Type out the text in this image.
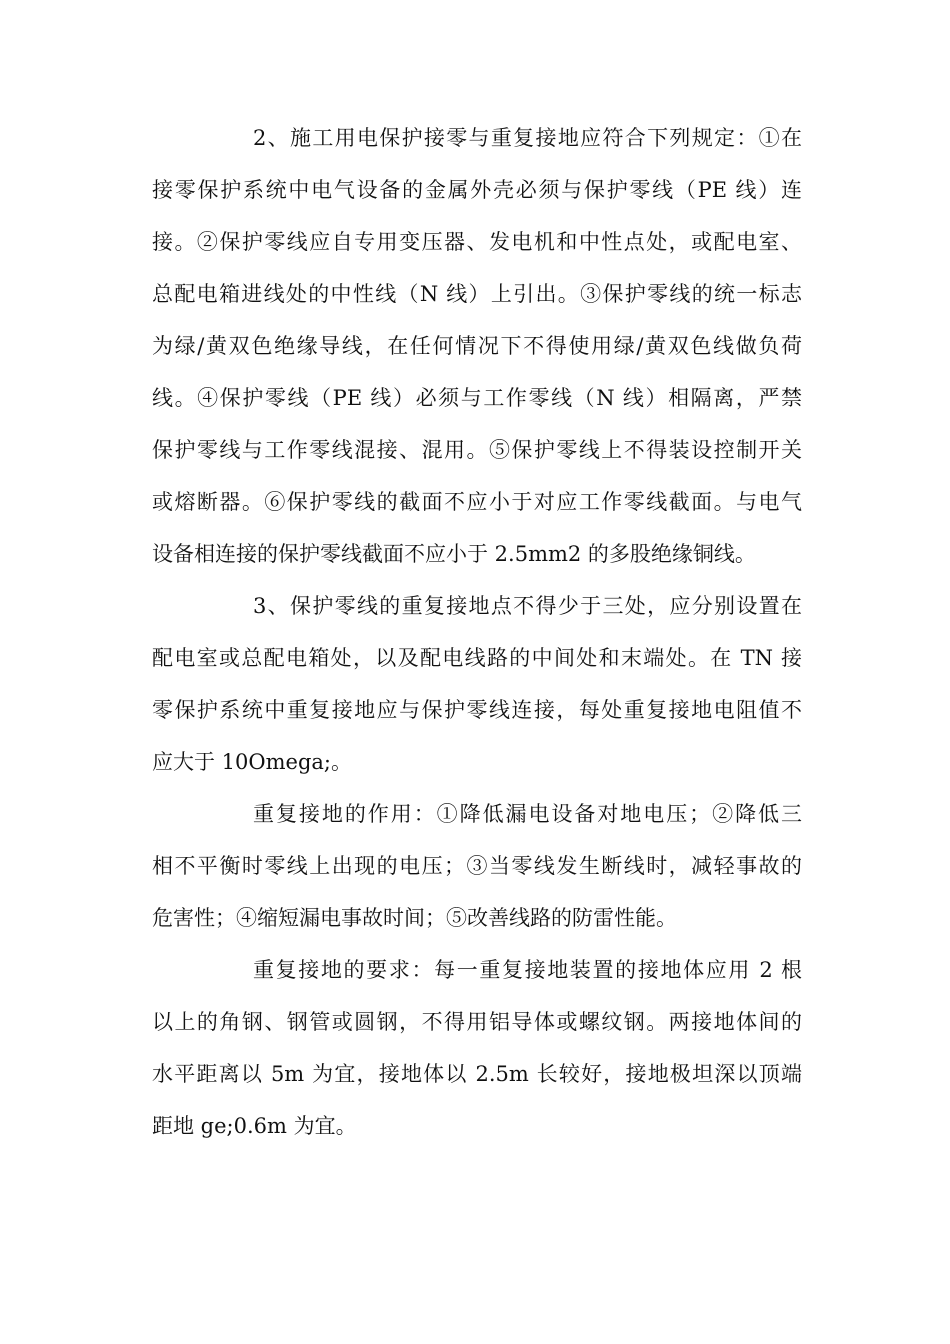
2、施工用电保护接零与重复接地应符合下列规定：①在
接零保护系统中电气设备的金属外壳必须与保护零线（PE 线）连
接。②保护零线应自专用变压器、发电机和中性点处，或配电室、
总配电箱进线处的中性线（N 线）上引出。③保护零线的统一标志
为绿/黄双色绝缘导线，在任何情况下不得使用绿/黄双色线做负荷
线。④保护零线（PE 线）必须与工作零线（N 线）相隔离，严禁
保护零线与工作零线混接、混用。⑤保护零线上不得装设控制开关
或熔断器。⑥保护零线的截面不应小于对应工作零线截面。与电气
设备相连接的保护零线截面不应小于 2.5mm2 的多股绝缘铜线。
3、保护零线的重复接地点不得少于三处，应分别设置在
配电室或总配电箱处，以及配电线路的中间处和末端处。在 TN 接
零保护系统中重复接地应与保护零线连接，每处重复接地电阻值不
应大于 10Omega;。
重复接地的作用：①降低漏电设备对地电压；②降低三
相不平衡时零线上出现的电压；③当零线发生断线时，减轻事故的
危害性；④缩短漏电事故时间；⑤改善线路的防雷性能。
重复接地的要求：每一重复接地装置的接地体应用 2 根
以上的角钢、钢管或圆钢，不得用铝导体或螺纹钢。两接地体间的
水平距离以 5m 为宜，接地体以 2.5m 长较好，接地极坦深以顶端
距地 ge;0.6m 为宜。
